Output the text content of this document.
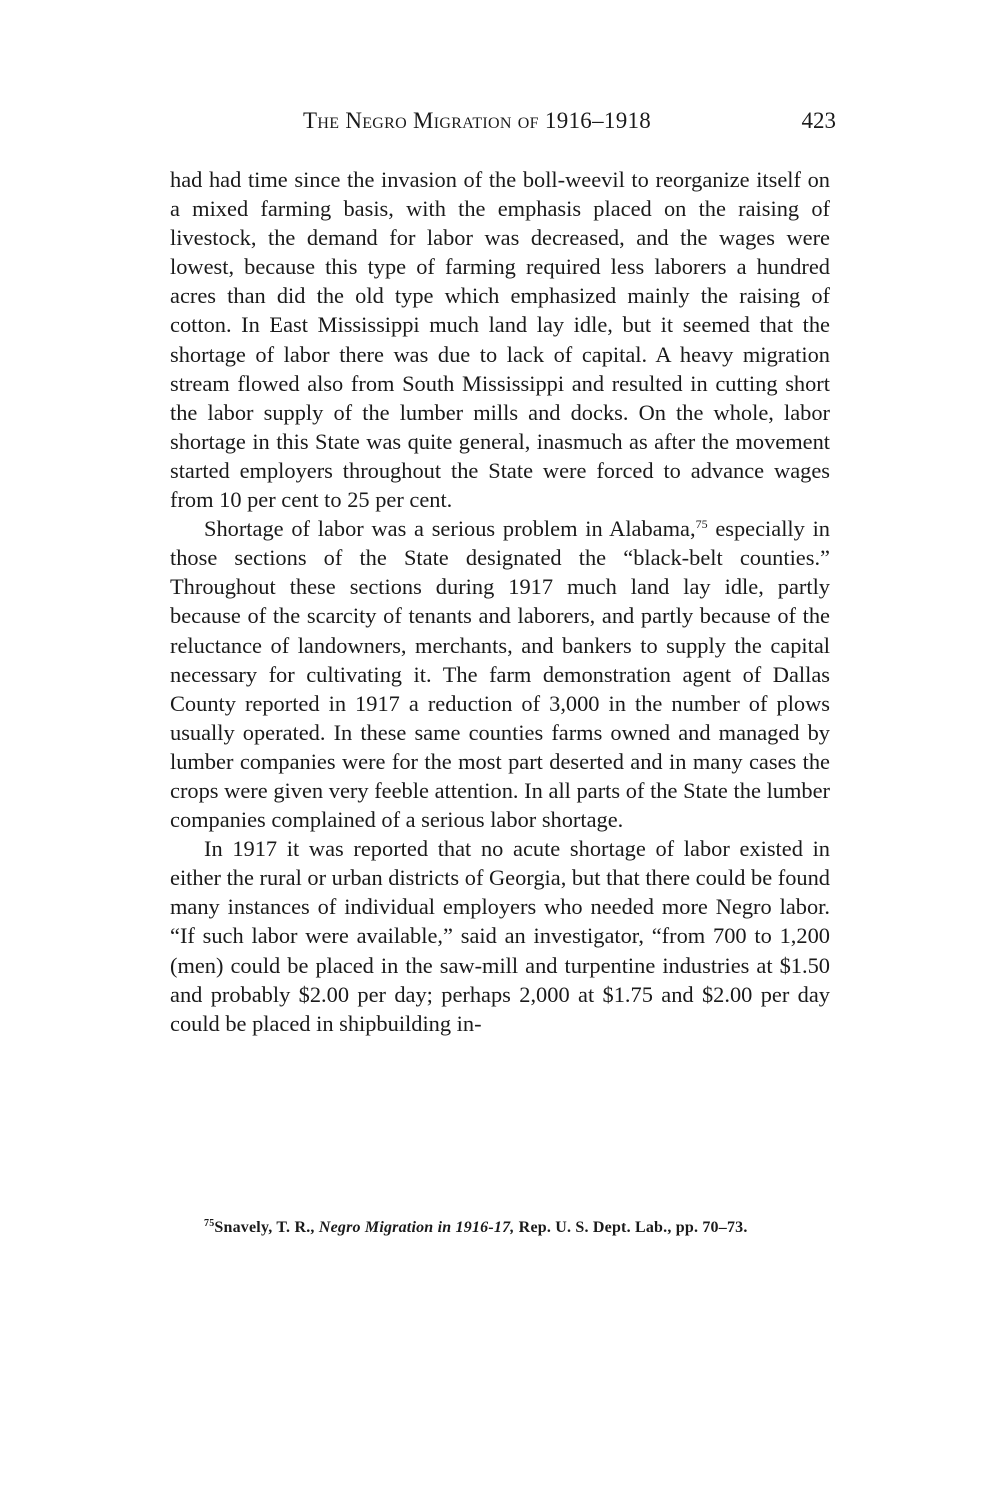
The Negro Migration of 1916–1918	423

had had time since the invasion of the boll-weevil to reorganize itself on a mixed farming basis, with the emphasis placed on the raising of livestock, the demand for labor was decreased, and the wages were lowest, because this type of farming required less laborers a hundred acres than did the old type which emphasized mainly the raising of cotton. In East Mississippi much land lay idle, but it seemed that the shortage of labor there was due to lack of capital. A heavy migration stream flowed also from South Mississippi and resulted in cutting short the labor supply of the lumber mills and docks. On the whole, labor shortage in this State was quite general, inasmuch as after the movement started employers throughout the State were forced to advance wages from 10 per cent to 25 per cent.

Shortage of labor was a serious problem in Alabama,$^{75}$ especially in those sections of the State designated the “black-belt counties.” Throughout these sections during 1917 much land lay idle, partly because of the scarcity of tenants and laborers, and partly because of the reluctance of landowners, merchants, and bankers to supply the capital necessary for cultivating it. The farm demonstration agent of Dallas County reported in 1917 a reduction of 3,000 in the number of plows usually operated. In these same counties farms owned and managed by lumber companies were for the most part deserted and in many cases the crops were given very feeble attention. In all parts of the State the lumber companies complained of a serious labor shortage.

In 1917 it was reported that no acute shortage of labor existed in either the rural or urban districts of Georgia, but that there could be found many instances of individual employers who needed more Negro labor. “If such labor were available,” said an investigator, “from 700 to 1,200 (men) could be placed in the saw-mill and turpentine industries at $1.50 and probably $2.00 per day; perhaps 2,000 at $1.75 and $2.00 per day could be placed in shipbuilding in-

$^{75}$Snavely, T. R., Negro Migration in 1916-17, Rep. U. S. Dept. Lab., pp. 70–73.
